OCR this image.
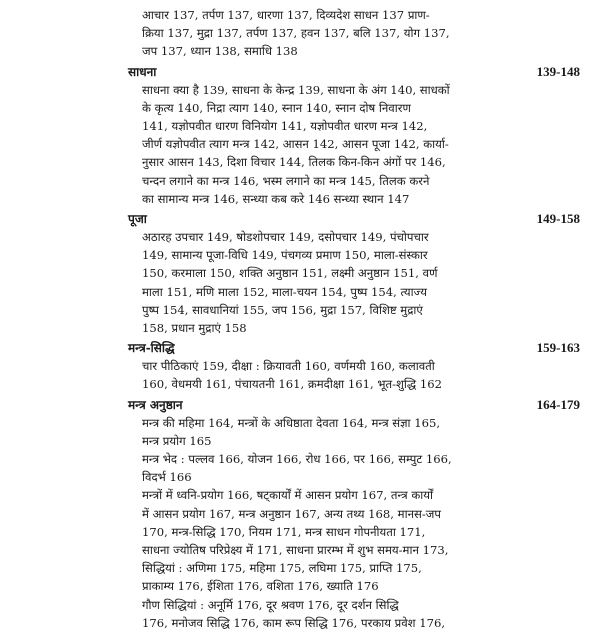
आचार 137, तर्पण 137, धारणा 137, दिव्यदेश साधन 137 प्राण-
क्रिया 137, मुद्रा 137, तर्पण 137, हवन 137, बलि 137, योग 137,
जप 137, ध्यान 138, समाधि 138
साधना	139-148
साधना क्या है 139, साधना के केन्द्र 139, साधना के अंग 140, साधकों
के कृत्य 140, निद्रा त्याग 140, स्नान 140, स्नान दोष निवारण
141, यज्ञोपवीत धारण विनियोग 141, यज्ञोपवीत धारण मन्त्र 142,
जीर्ण यज्ञोपवीत त्याग मन्त्र 142, आसन 142, आसन पूजा 142, कार्या-
नुसार आसन 143, दिशा विचार 144, तिलक किन-किन अंगों पर 146,
चन्दन लगाने का मन्त्र 146, भस्म लगाने का मन्त्र 145, तिलक करने
का सामान्य मन्त्र 146, सन्ध्या कब करे 146 सन्ध्या स्थान 147
पूजा	149-158
अठारह उपचार 149, षोडशोपचार 149, दसोपचार 149, पंचोपचार
149, सामान्य पूजा-विधि 149, पंचगव्य प्रमाण 150, माला-संस्कार
150, करमाला 150, शक्ति अनुष्ठान 151, लक्ष्मी अनुष्ठान 151, वर्ण
माला 151, मणि माला 152, माला-चयन 154, पुष्प 154, त्याज्य
पुष्प 154, सावधानियां 155, जप 156, मुद्रा 157, विशिष्ट मुद्राएं
158, प्रधान मुद्राएं 158
मन्त्र-सिद्धि	159-163
चार पीठिकाएं 159, दीक्षा : क्रियावती 160, वर्णमयी 160, कलावती
160, वेधमयी 161, पंचायतनी 161, क्रमदीक्षा 161, भूत-शुद्धि 162
मन्त्र अनुष्ठान	164-179
मन्त्र की महिमा 164, मन्त्रों के अधिष्ठाता देवता 164, मन्त्र संज्ञा 165,
मन्त्र प्रयोग 165
मन्त्र भेद : पल्लव 166, योजन 166, रोध 166, पर 166, सम्पुट 166,
विदर्भ 166
मन्त्रों में ध्वनि-प्रयोग 166, षट्कार्यों में आसन प्रयोग 167, तन्त्र कार्यों
में आसन प्रयोग 167, मन्त्र अनुष्ठान 167, अन्य तथ्य 168, मानस-जप
170, मन्त्र-सिद्धि 170, नियम 171, मन्त्र साधन गोपनीयता 171,
साधना ज्योतिष परिप्रेक्ष्य में 171, साधना प्रारम्भ में शुभ समय-मान 173,
सिद्धियां : अणिमा 175, महिमा 175, लघिमा 175, प्राप्ति 175,
प्राकाम्य 176, ईशिता 176, वशिता 176, ख्याति 176
गौण सिद्धियां : अनूर्मि 176, दूर श्रवण 176, दूर दर्शन सिद्धि
176, मनोजव सिद्धि 176, काम रूप सिद्धि 176, परकाय प्रवेश 176,
